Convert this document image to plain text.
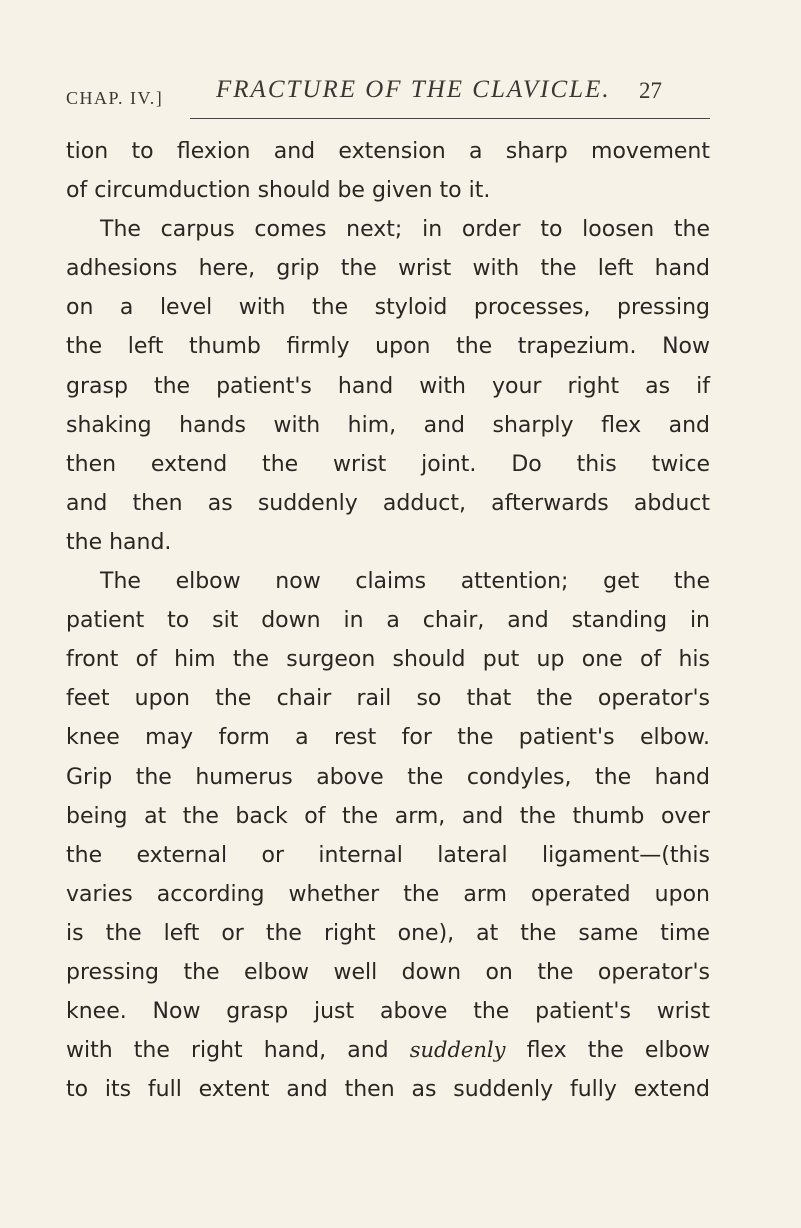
CHAP. IV.] FRACTURE OF THE CLAVICLE. 27
tion to flexion and extension a sharp movement
of circumduction should be given to it.
The carpus comes next; in order to loosen the
adhesions here, grip the wrist with the left hand
on a level with the styloid processes, pressing
the left thumb firmly upon the trapezium. Now
grasp the patient's hand with your right as if
shaking hands with him, and sharply flex and
then extend the wrist joint. Do this twice
and then as suddenly adduct, afterwards abduct
the hand.
The elbow now claims attention; get the
patient to sit down in a chair, and standing in
front of him the surgeon should put up one of his
feet upon the chair rail so that the operator's
knee may form a rest for the patient's elbow.
Grip the humerus above the condyles, the hand
being at the back of the arm, and the thumb over
the external or internal lateral ligament—(this
varies according whether the arm operated upon
is the left or the right one), at the same time
pressing the elbow well down on the operator's
knee. Now grasp just above the patient's wrist
with the right hand, and suddenly flex the elbow
to its full extent and then as suddenly fully extend
